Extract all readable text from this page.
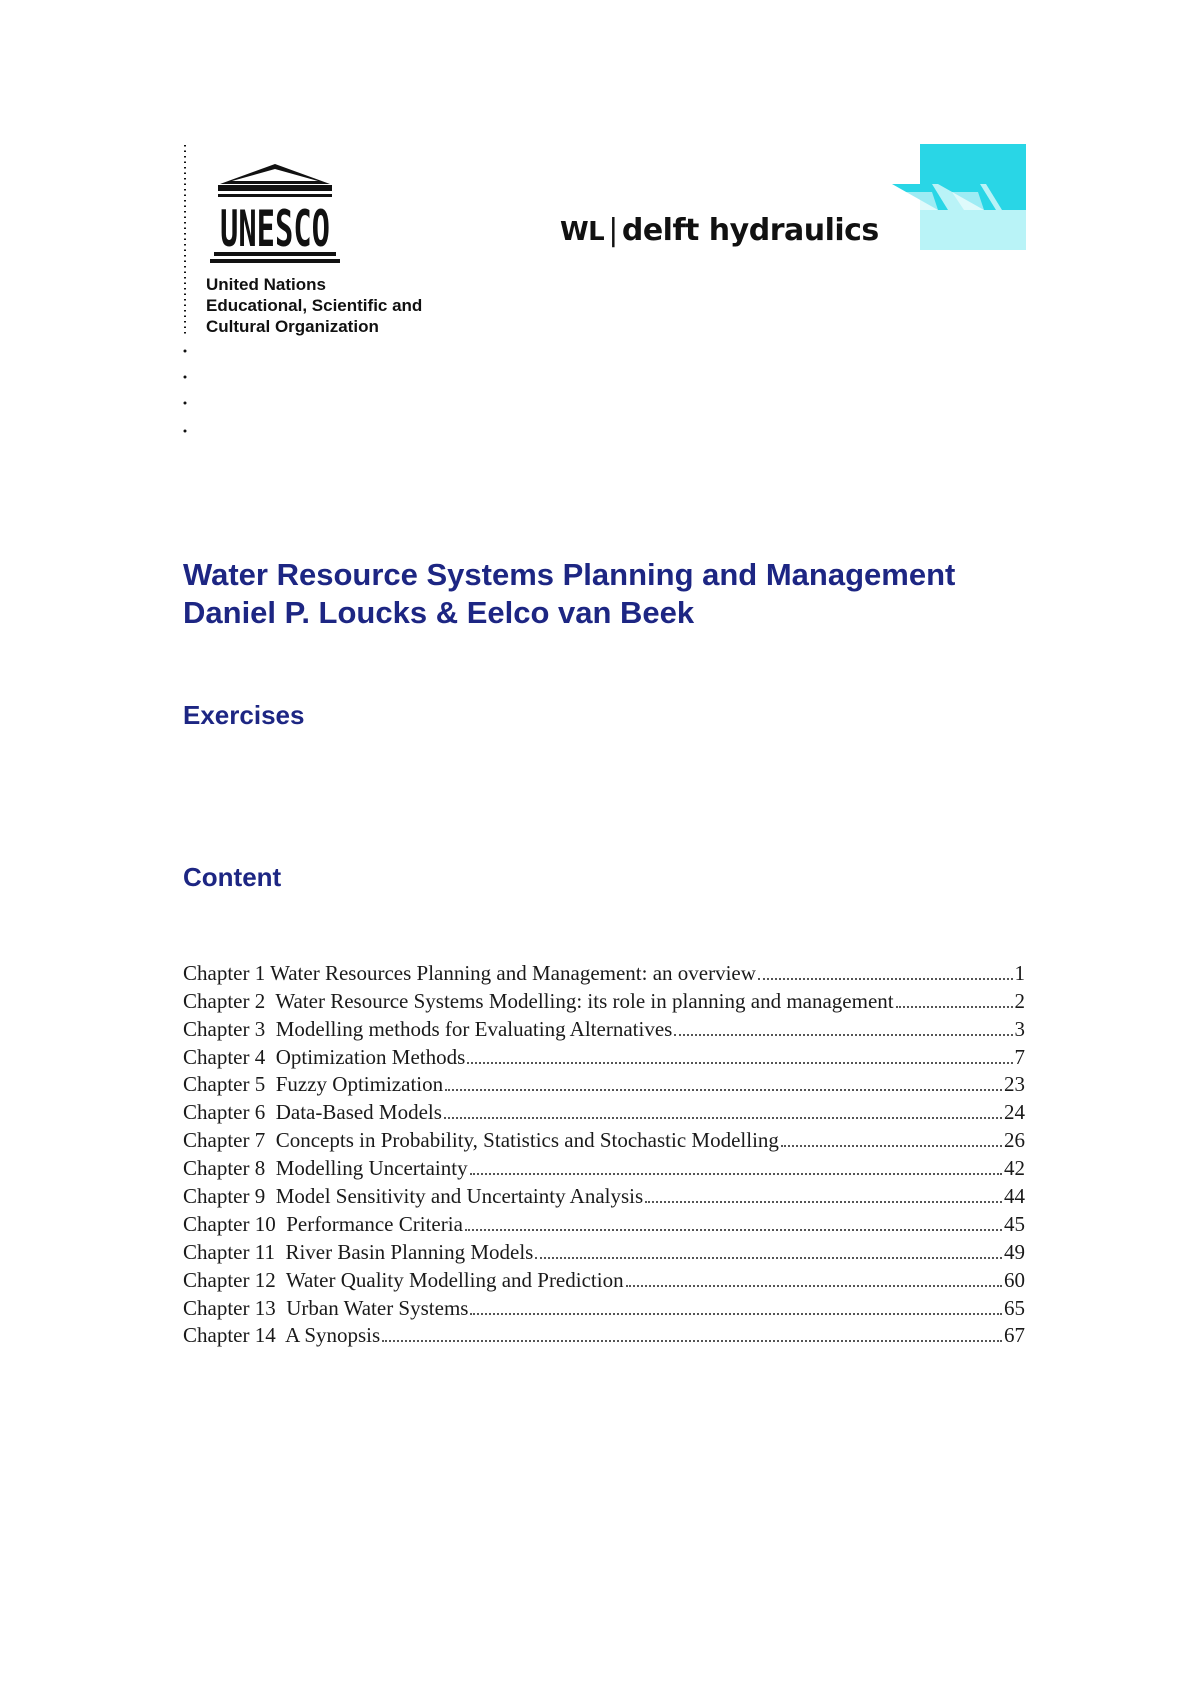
UNESCO
United Nations
Educational, Scientific and
Cultural Organization
WL | delft hydraulics
Water Resource Systems Planning and Management
Daniel P. Loucks & Eelco van Beek
Exercises
Content
Chapter 1 Water Resources Planning and Management: an overview	1
Chapter 2  Water Resource Systems Modelling: its role in planning and management	2
Chapter 3  Modelling methods for Evaluating Alternatives	3
Chapter 4  Optimization Methods	7
Chapter 5  Fuzzy Optimization	23
Chapter 6  Data-Based Models	24
Chapter 7  Concepts in Probability, Statistics and Stochastic Modelling	26
Chapter 8  Modelling Uncertainty	42
Chapter 9  Model Sensitivity and Uncertainty Analysis	44
Chapter 10  Performance Criteria	45
Chapter 11  River Basin Planning Models	49
Chapter 12  Water Quality Modelling and Prediction	60
Chapter 13  Urban Water Systems	65
Chapter 14  A Synopsis	67
